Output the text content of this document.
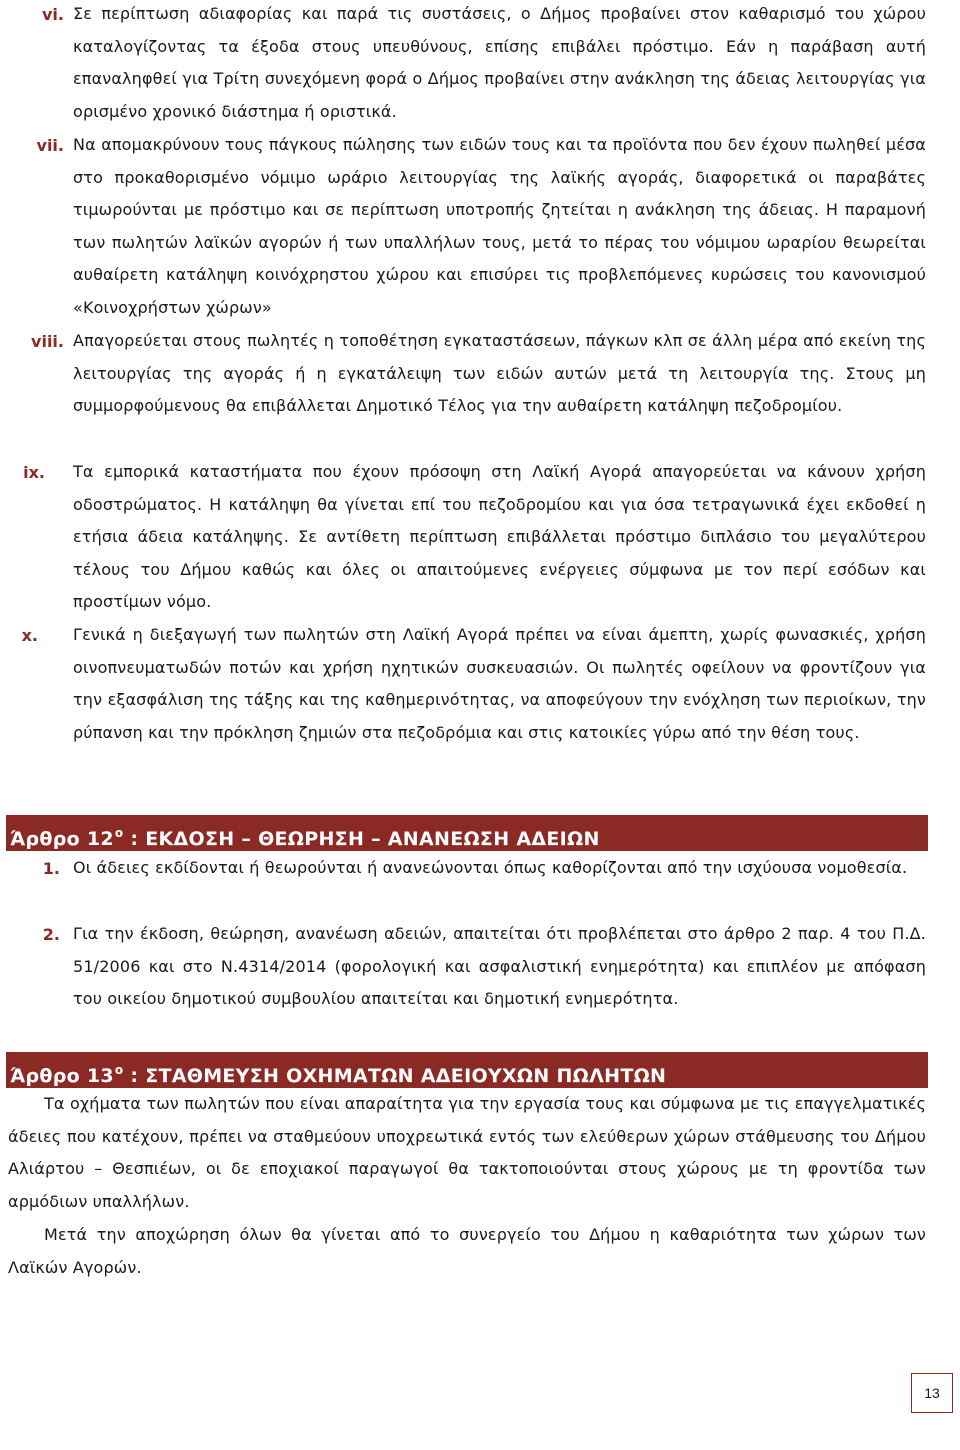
vi. Σε περίπτωση αδιαφορίας και παρά τις συστάσεις, ο Δήμος προβαίνει στον καθαρισμό του χώρου καταλογίζοντας τα έξοδα στους υπευθύνους, επίσης επιβάλει πρόστιμο. Εάν η παράβαση αυτή επαναληφθεί για Τρίτη συνεχόμενη φορά ο Δήμος προβαίνει στην ανάκληση της άδειας λειτουργίας για ορισμένο χρονικό διάστημα ή οριστικά.
vii. Να απομακρύνουν τους πάγκους πώλησης των ειδών τους και τα προϊόντα που δεν έχουν πωληθεί μέσα στο προκαθορισμένο νόμιμο ωράριο λειτουργίας της λαϊκής αγοράς, διαφορετικά οι παραβάτες τιμωρούνται με πρόστιμο και σε περίπτωση υποτροπής ζητείται η ανάκληση της άδειας. Η παραμονή των πωλητών λαϊκών αγορών ή των υπαλλήλων τους, μετά το πέρας του νόμιμου ωραρίου θεωρείται αυθαίρετη κατάληψη κοινόχρηστου χώρου και επισύρει τις προβλεπόμενες κυρώσεις του κανονισμού «Κοινοχρήστων χώρων»
viii. Απαγορεύεται στους πωλητές η τοποθέτηση εγκαταστάσεων, πάγκων κλπ σε άλλη μέρα από εκείνη της λειτουργίας της αγοράς ή η εγκατάλειψη των ειδών αυτών μετά τη λειτουργία της. Στους μη συμμορφούμενους θα επιβάλλεται Δημοτικό Τέλος για την αυθαίρετη κατάληψη πεζοδρομίου.
ix. Τα εμπορικά καταστήματα που έχουν πρόσοψη στη Λαϊκή Αγορά απαγορεύεται να κάνουν χρήση οδοστρώματος. Η κατάληψη θα γίνεται επί του πεζοδρομίου και για όσα τετραγωνικά έχει εκδοθεί η ετήσια άδεια κατάληψης. Σε αντίθετη περίπτωση επιβάλλεται πρόστιμο διπλάσιο του μεγαλύτερου τέλους του Δήμου καθώς και όλες οι απαιτούμενες ενέργειες σύμφωνα με τον περί εσόδων και προστίμων νόμο.
x. Γενικά η διεξαγωγή των πωλητών στη Λαϊκή Αγορά πρέπει να είναι άμεπτη, χωρίς φωνασκιές, χρήση οινοπνευματωδών ποτών και χρήση ηχητικών συσκευασιών. Οι πωλητές οφείλουν να φροντίζουν για την εξασφάλιση της τάξης και της καθημερινότητας, να αποφεύγουν την ενόχληση των περιοίκων, την ρύπανση και την πρόκληση ζημιών στα πεζοδρόμια και στις κατοικίες γύρω από την θέση τους.
Άρθρο $12^o$ : ΕΚΔΟΣΗ – ΘΕΩΡΗΣΗ – ΑΝΑΝΕΩΣΗ ΑΔΕΙΩΝ
1. Οι άδειες εκδίδονται ή θεωρούνται ή ανανεώνονται όπως καθορίζονται από την ισχύουσα νομοθεσία.
2. Για την έκδοση, θεώρηση, ανανέωση αδειών, απαιτείται ότι προβλέπεται στο άρθρο 2 παρ. 4 του Π.Δ. 51/2006 και στο Ν.4314/2014 (φορολογική και ασφαλιστική ενημερότητα) και επιπλέον με απόφαση του οικείου δημοτικού συμβουλίου απαιτείται και δημοτική ενημερότητα.
Άρθρο $13^o$ : ΣΤΑΘΜΕΥΣΗ ΟΧΗΜΑΤΩΝ ΑΔΕΙΟΥΧΩΝ ΠΩΛΗΤΩΝ
Τα οχήματα των πωλητών που είναι απαραίτητα για την εργασία τους και σύμφωνα με τις επαγγελματικές άδειες που κατέχουν, πρέπει να σταθμεύουν υποχρεωτικά εντός των ελεύθερων χώρων στάθμευσης του Δήμου Αλιάρτου – Θεσπιέων, οι δε εποχιακοί παραγωγοί θα τακτοποιούνται στους χώρους με τη φροντίδα των αρμόδιων υπαλλήλων.
Μετά την αποχώρηση όλων θα γίνεται από το συνεργείο του Δήμου η καθαριότητα των χώρων των Λαϊκών Αγορών.
13
